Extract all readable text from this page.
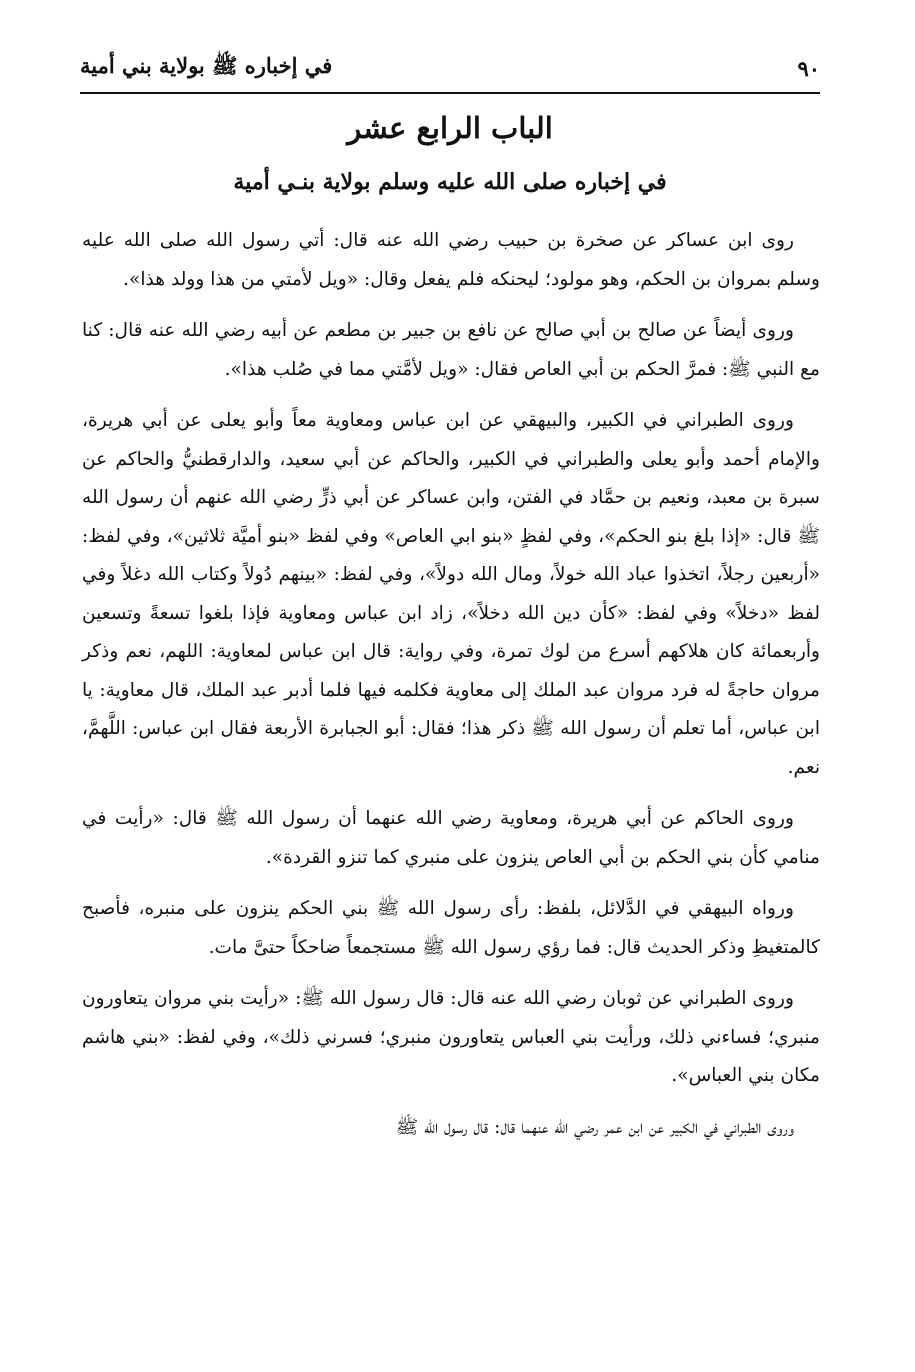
٩٠
في إخباره ﷺ بولاية بني أمية
الباب الرابع عشر
في إخباره صلى الله عليه وسلم بولاية بنـي أمية

روى ابن عساكر عن صخرة بن حبيب رضي الله عنه قال: أتي رسول الله صلى الله عليه وسلم بمروان بن الحكم، وهو مولود؛ ليحنكه فلم يفعل وقال: «ويل لأمتي من هذا وولد هذا».

وروى أيضاً عن صالح بن أبي صالح عن نافع بن جبير بن مطعم عن أبيه رضي الله عنه قال: كنا مع النبي ﷺ: فمرَّ الحكم بن أبي العاص فقال: «ويل لأمَّتي مما في صُلب هذا».

وروى الطبراني في الكبير، والبيهقي عن ابن عباس ومعاوية معاً وأبو يعلى عن أبي هريرة، والإمام أحمد وأبو يعلى والطبراني في الكبير، والحاكم عن أبي سعيد، والدارقطنيُّ والحاكم عن سبرة بن معبد، ونعيم بن حمَّاد في الفتن، وابن عساكر عن أبي ذرٍّ رضي الله عنهم أن رسول الله ﷺ قال: «إذا بلغ بنو الحكم»، وفي لفظٍ «بنو ابي العاص» وفي لفظ «بنو أميَّة ثلاثين»، وفي لفظ: «أربعين رجلاً، اتخذوا عباد الله خولاً، ومال الله دولاً»، وفي لفظ: «بينهم دُولاً وكتاب الله دغلاً وفي لفظ «دخلاً» وفي لفظ: «كأن دين الله دخلاً»، زاد ابن عباس ومعاوية فإذا بلغوا تسعةً وتسعين وأربعمائة كان هلاكهم أسرع من لوك تمرة، وفي رواية: قال ابن عباس لمعاوية: اللهم، نعم وذكر مروان حاجةً له فرد مروان عبد الملك إلى معاوية فكلمه فيها فلما أدبر عبد الملك، قال معاوية: يا ابن عباس، أما تعلم أن رسول الله ﷺ ذكر هذا؛ فقال: أبو الجبابرة الأربعة فقال ابن عباس: اللَّهمَّ، نعم.

وروى الحاكم عن أبي هريرة، ومعاوية رضي الله عنهما أن رسول الله ﷺ قال: «رأيت في منامي كأن بني الحكم بن أبي العاص ينزون على منبري كما تنزو القردة».

ورواه البيهقي في الدَّلائل، بلفظ: رأى رسول الله ﷺ بني الحكم ينزون على منبره، فأصبح كالمتغيظِ وذكر الحديث قال: فما رؤي رسول الله ﷺ مستجمعاً ضاحكاً حتىَّ مات.

وروى الطبراني عن ثوبان رضي الله عنه قال: قال رسول الله ﷺ: «رأيت بني مروان يتعاورون منبري؛ فساءني ذلك، ورأيت بني العباس يتعاورون منبري؛ فسرني ذلك»، وفي لفظ: «بني هاشم مكان بني العباس».

وروى الطبراني في الكبير عن ابن عمر رضي الله عنهما قال: قال رسول الله ﷺ
